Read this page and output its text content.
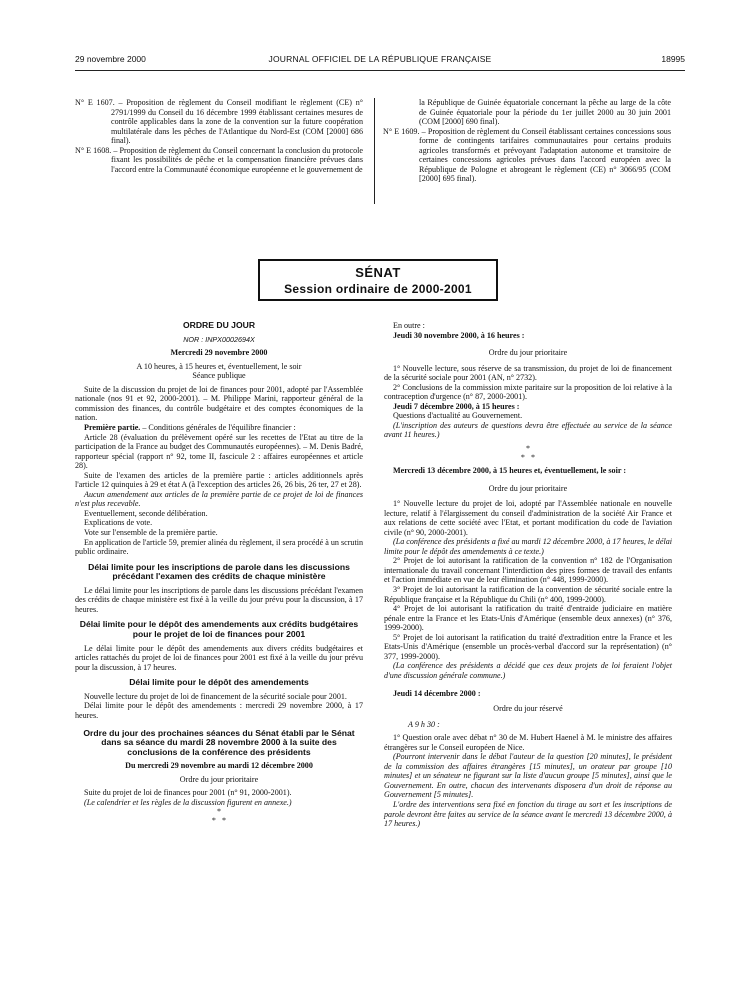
29 novembre 2000	JOURNAL OFFICIEL DE LA RÉPUBLIQUE FRANÇAISE	18995

N° E 1607. – Proposition de règlement du Conseil modifiant le règlement (CE) n° 2791/1999 du Conseil du 16 décembre 1999 établissant certaines mesures de contrôle applicables dans la zone de la convention sur la future coopération multilatérale dans les pêches de l'Atlantique du Nord-Est (COM [2000] 686 final).

N° E 1608. – Proposition de règlement du Conseil concernant la conclusion du protocole fixant les possibilités de pêche et la compensation financière prévues dans l'accord entre la Communauté économique européenne et le gouvernement de

la République de Guinée équatoriale concernant la pêche au large de la côte de Guinée équatoriale pour la période du 1er juillet 2000 au 30 juin 2001 (COM [2000] 690 final).

N° E 1609. – Proposition de règlement du Conseil établissant certaines concessions sous forme de contingents tarifaires communautaires pour certains produits agricoles transformés et prévoyant l'adaptation autonome et transitoire de certaines concessions agricoles prévues dans l'accord européen avec la République de Pologne et abrogeant le règlement (CE) n° 3066/95 (COM [2000] 695 final).

SÉNAT
Session ordinaire de 2000-2001

ORDRE DU JOUR

NOR : INPX0002694X

Mercredi 29 novembre 2000

A 10 heures, à 15 heures et, éventuellement, le soir

Séance publique

Suite de la discussion du projet de loi de finances pour 2001, adopté par l'Assemblée nationale (nos 91 et 92, 2000-2001). – M. Philippe Marini, rapporteur général de la commission des finances, du contrôle budgétaire et des comptes économiques de la nation.

Première partie. – Conditions générales de l'équilibre financier :

Article 28 (évaluation du prélèvement opéré sur les recettes de l'Etat au titre de la participation de la France au budget des Communautés européennes). – M. Denis Badré, rapporteur spécial (rapport n° 92, tome II, fascicule 2 : affaires européennes et article 28).

Suite de l'examen des articles de la première partie : articles additionnels après l'article 12 quinquies à 29 et état A (à l'exception des articles 26, 26 bis, 26 ter, 27 et 28).

Aucun amendement aux articles de la première partie de ce projet de loi de finances n'est plus recevable.

Eventuellement, seconde délibération.

Explications de vote.

Vote sur l'ensemble de la première partie.

En application de l'article 59, premier alinéa du règlement, il sera procédé à un scrutin public ordinaire.

Délai limite pour les inscriptions de parole dans les discussions précédant l'examen des crédits de chaque ministère

Le délai limite pour les inscriptions de parole dans les discussions précédant l'examen des crédits de chaque ministère est fixé à la veille du jour prévu pour la discussion, à 17 heures.

Délai limite pour le dépôt des amendements aux crédits budgétaires pour le projet de loi de finances pour 2001

Le délai limite pour le dépôt des amendements aux divers crédits budgétaires et articles rattachés du projet de loi de finances pour 2001 est fixé à la veille du jour prévu pour la discussion, à 17 heures.

Délai limite pour le dépôt des amendements

Nouvelle lecture du projet de loi de financement de la sécurité sociale pour 2001.

Délai limite pour le dépôt des amendements : mercredi 29 novembre 2000, à 17 heures.

Ordre du jour des prochaines séances du Sénat établi par le Sénat dans sa séance du mardi 28 novembre 2000 à la suite des conclusions de la conférence des présidents

Du mercredi 29 novembre au mardi 12 décembre 2000

Ordre du jour prioritaire

Suite du projet de loi de finances pour 2001 (n° 91, 2000-2001).

(Le calendrier et les règles de la discussion figurent en annexe.)

*
*   *

En outre :

Jeudi 30 novembre 2000, à 16 heures :

Ordre du jour prioritaire

1° Nouvelle lecture, sous réserve de sa transmission, du projet de loi de financement de la sécurité sociale pour 2001 (AN, n° 2732).

2° Conclusions de la commission mixte paritaire sur la proposition de loi relative à la contraception d'urgence (n° 87, 2000-2001).

Jeudi 7 décembre 2000, à 15 heures :

Questions d'actualité au Gouvernement.

(L'inscription des auteurs de questions devra être effectuée au service de la séance avant 11 heures.)

*
*   *

Mercredi 13 décembre 2000, à 15 heures et, éventuellement, le soir :

Ordre du jour prioritaire

1° Nouvelle lecture du projet de loi, adopté par l'Assemblée nationale en nouvelle lecture, relatif à l'élargissement du conseil d'administration de la société Air France et aux relations de cette société avec l'Etat, et portant modification du code de l'aviation civile (n° 90, 2000-2001).

(La conférence des présidents a fixé au mardi 12 décembre 2000, à 17 heures, le délai limite pour le dépôt des amendements à ce texte.)

2° Projet de loi autorisant la ratification de la convention n° 182 de l'Organisation internationale du travail concernant l'interdiction des pires formes de travail des enfants et l'action immédiate en vue de leur élimination (n° 448, 1999-2000).

3° Projet de loi autorisant la ratification de la convention de sécurité sociale entre la République française et la République du Chili (n° 400, 1999-2000).

4° Projet de loi autorisant la ratification du traité d'entraide judiciaire en matière pénale entre la France et les Etats-Unis d'Amérique (ensemble deux annexes) (n° 376, 1999-2000).

5° Projet de loi autorisant la ratification du traité d'extradition entre la France et les Etats-Unis d'Amérique (ensemble un procès-verbal d'accord sur la représentation) (n° 377, 1999-2000).

(La conférence des présidents a décidé que ces deux projets de loi feraient l'objet d'une discussion générale commune.)

Jeudi 14 décembre 2000 :

Ordre du jour réservé

A 9 h 30 :

1° Question orale avec débat n° 30 de M. Hubert Haenel à M. le ministre des affaires étrangères sur le Conseil européen de Nice.

(Pourront intervenir dans le débat l'auteur de la question [20 minutes], le président de la commission des affaires étrangères [15 minutes], un orateur par groupe [10 minutes] et un sénateur ne figurant sur la liste d'aucun groupe [5 minutes], ainsi que le Gouvernement. En outre, chacun des intervenants disposera d'un droit de réponse au Gouvernement [5 minutes].

L'ordre des interventions sera fixé en fonction du tirage au sort et les inscriptions de parole devront être faites au service de la séance avant le mercredi 13 décembre 2000, à 17 heures.)
